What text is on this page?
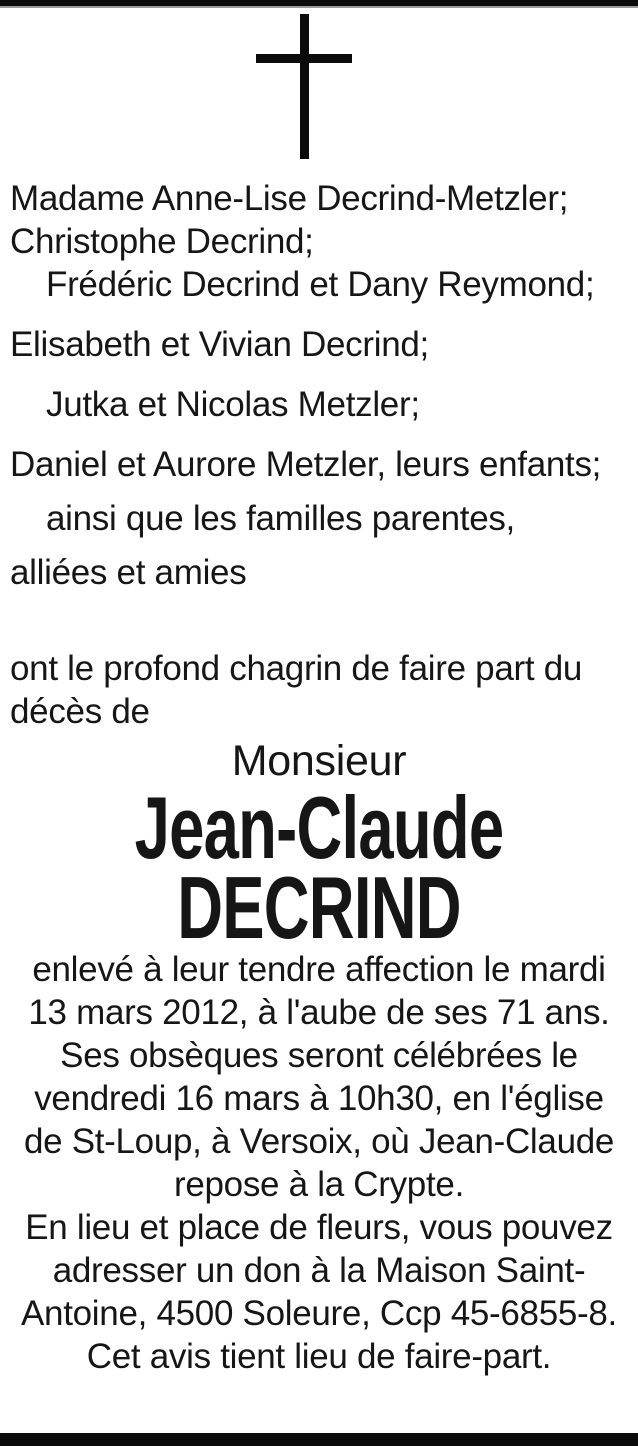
Madame Anne-Lise Decrind-Metzler;
Christophe Decrind;
Frédéric Decrind et Dany Reymond;
Elisabeth et Vivian Decrind;
Jutka et Nicolas Metzler;
Daniel et Aurore Metzler, leurs enfants;
ainsi que les familles parentes,
alliées et amies
ont le profond chagrin de faire part du
décès de
Monsieur
Jean-Claude
DECRIND
enlevé à leur tendre affection le mardi
13 mars 2012, à l'aube de ses 71 ans.
Ses obsèques seront célébrées le
vendredi 16 mars à 10h30, en l'église
de St-Loup, à Versoix, où Jean-Claude
repose à la Crypte.
En lieu et place de fleurs, vous pouvez
adresser un don à la Maison Saint-
Antoine, 4500 Soleure, Ccp 45-6855-8.
Cet avis tient lieu de faire-part.
